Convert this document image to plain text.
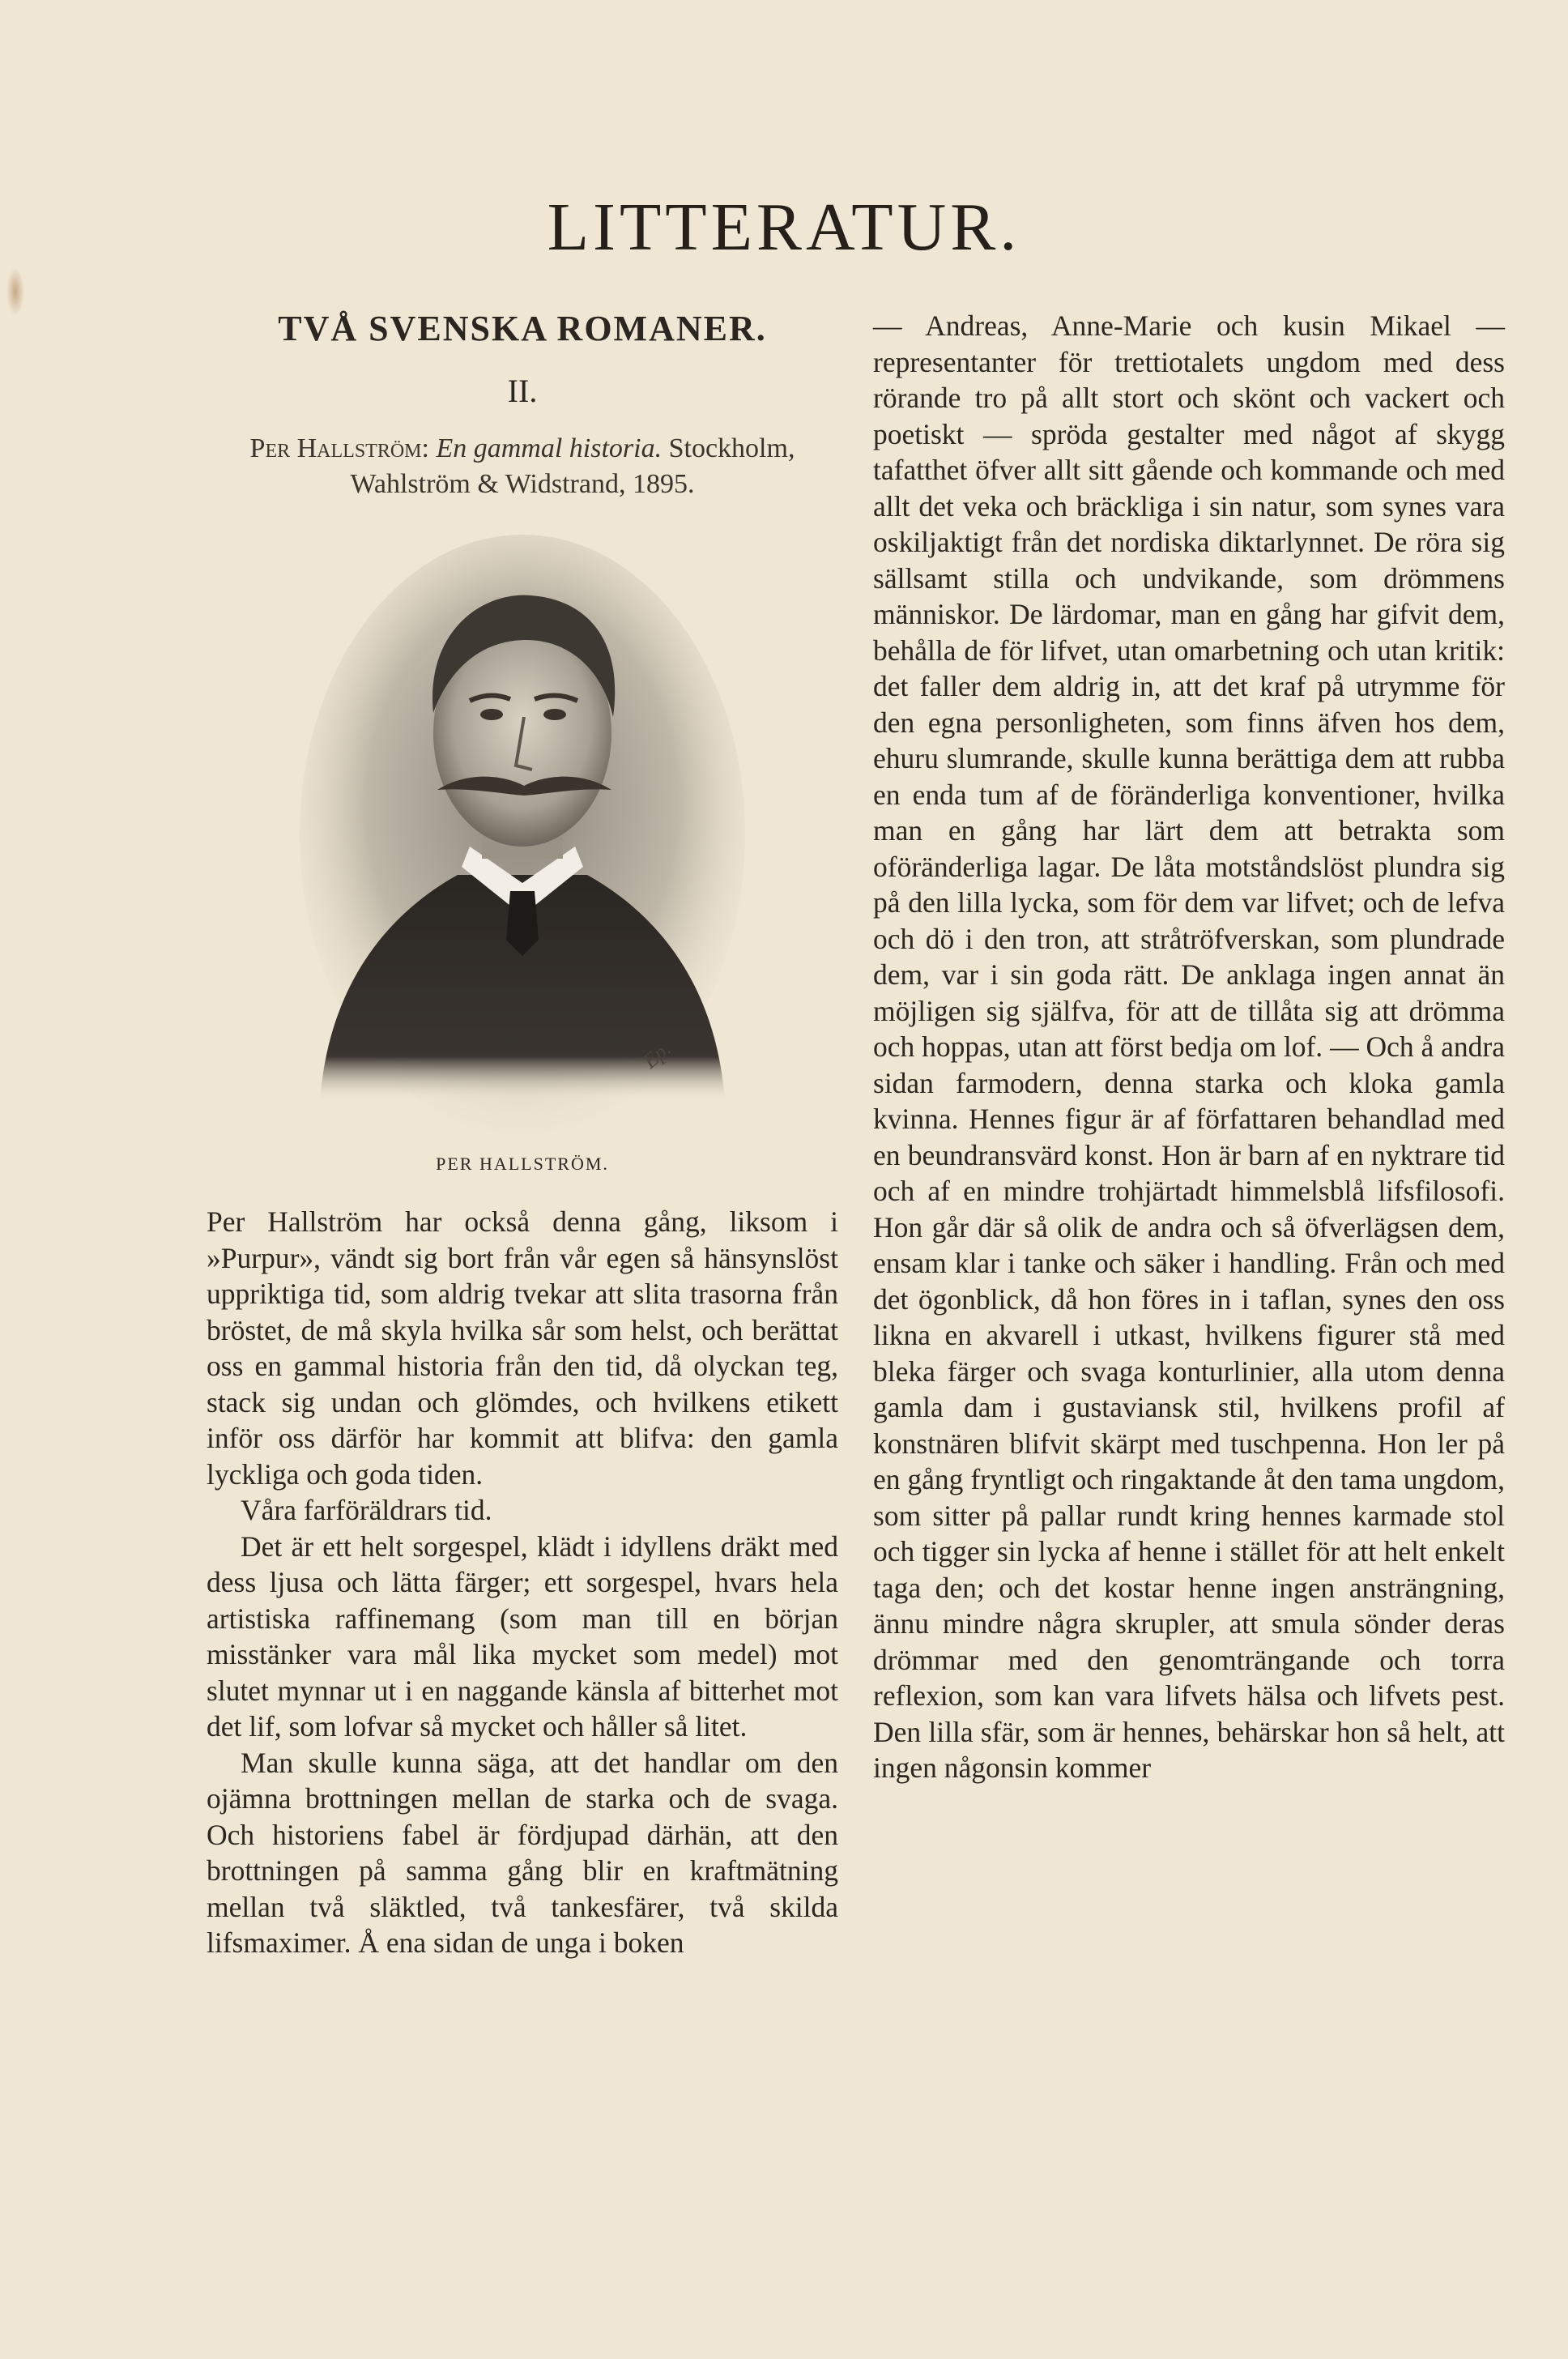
LITTERATUR.
TVÅ SVENSKA ROMANER.
II.
Per Hallström: En gammal historia. Stockholm, Wahlström & Widstrand, 1895.
Ep.
PER HALLSTRÖM.

Per Hallström har också denna gång, liksom i »Purpur», vändt sig bort från vår egen så hänsynslöst uppriktiga tid, som aldrig tvekar att slita trasorna från bröstet, de må skyla hvilka sår som helst, och berättat oss en gammal historia från den tid, då olyckan teg, stack sig undan och glömdes, och hvilkens etikett inför oss därför har kommit att blifva: den gamla lyckliga och goda tiden.

Våra farföräldrars tid.

Det är ett helt sorgespel, klädt i idyllens dräkt med dess ljusa och lätta färger; ett sorgespel, hvars hela artistiska raffinemang (som man till en början misstänker vara mål lika mycket som medel) mot slutet mynnar ut i en naggande känsla af bitterhet mot det lif, som lofvar så mycket och håller så litet.

Man skulle kunna säga, att det handlar om den ojämna brottningen mellan de starka och de svaga. Och historiens fabel är fördjupad därhän, att den brottningen på samma gång blir en kraftmätning mellan två släktled, två tankesfärer, två skilda lifsmaximer. Å ena sidan de unga i boken

— Andreas, Anne-Marie och kusin Mikael — representanter för trettiotalets ungdom med dess rörande tro på allt stort och skönt och vackert och poetiskt — spröda gestalter med något af skygg tafatthet öfver allt sitt gående och kommande och med allt det veka och bräckliga i sin natur, som synes vara oskiljaktigt från det nordiska diktarlynnet. De röra sig sällsamt stilla och undvikande, som drömmens människor. De lärdomar, man en gång har gifvit dem, behålla de för lifvet, utan omarbetning och utan kritik: det faller dem aldrig in, att det kraf på utrymme för den egna personligheten, som finns äfven hos dem, ehuru slumrande, skulle kunna berättiga dem att rubba en enda tum af de föränderliga konventioner, hvilka man en gång har lärt dem att betrakta som oföränderliga lagar. De låta motståndslöst plundra sig på den lilla lycka, som för dem var lifvet; och de lefva och dö i den tron, att stråtröfverskan, som plundrade dem, var i sin goda rätt. De anklaga ingen annat än möjligen sig själfva, för att de tillåta sig att drömma och hoppas, utan att först bedja om lof. — Och å andra sidan farmodern, denna starka och kloka gamla kvinna. Hennes figur är af författaren behandlad med en beundransvärd konst. Hon är barn af en nyktrare tid och af en mindre trohjärtadt himmelsblå lifsfilosofi. Hon går där så olik de andra och så öfverlägsen dem, ensam klar i tanke och säker i handling. Från och med det ögonblick, då hon föres in i taflan, synes den oss likna en akvarell i utkast, hvilkens figurer stå med bleka färger och svaga konturlinier, alla utom denna gamla dam i gustaviansk stil, hvilkens profil af konstnären blifvit skärpt med tuschpenna. Hon ler på en gång fryntligt och ringaktande åt den tama ungdom, som sitter på pallar rundt kring hennes karmade stol och tigger sin lycka af henne i stället för att helt enkelt taga den; och det kostar henne ingen ansträngning, ännu mindre några skrupler, att smula sönder deras drömmar med den genomträngande och torra reflexion, som kan vara lifvets hälsa och lifvets pest. Den lilla sfär, som är hennes, behärskar hon så helt, att ingen någonsin kommer
